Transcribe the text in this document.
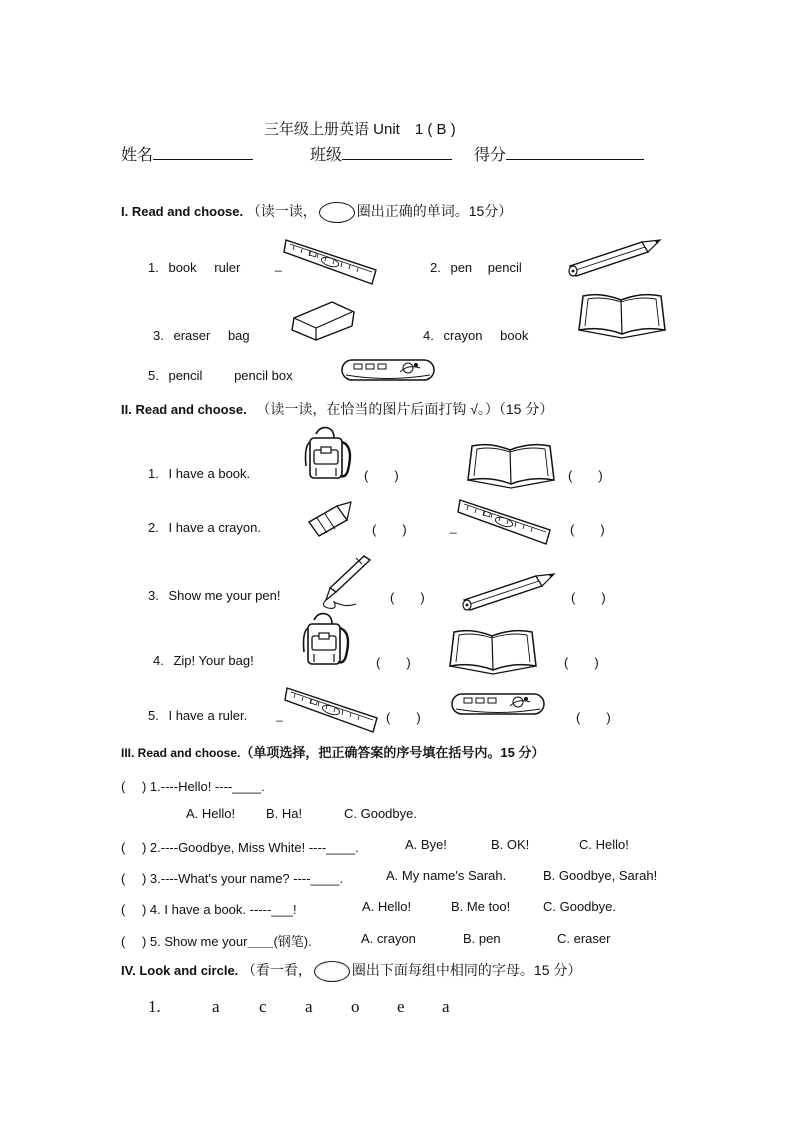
三年级上册英语 Unit　1 ( B )
姓名	班级	得分
I. Read and choose. （读一读，	圈出正确的单词。15分）
1. book ruler	_	2. pen pencil
3. eraser bag	4. crayon book
5. pencil pencil box
II. Read and choose. （读一读，在恰当的图片后面打钩 √。）（15 分）
1. I have a book.	(　　)	(　　)
2. I have a crayon.	(　　)	_	(　　)
3. Show me your pen!	(　　)	(　　)
4. Zip! Your bag!	(　　)	(　　)
5. I have a ruler. _	(　　)	(　　)
III. Read and choose.（单项选择，把正确答案的序号填在括号内。15 分）
(　 ) 1.----Hello! ----____.
A. Hello! B. Ha!	C. Goodbye.
(　 ) 2.----Goodbye, Miss White! ----____.	A. Bye!	B. OK!	C. Hello!
(　 ) 3.----What's your name? ----____.	A. My name's Sarah.	B. Goodbye, Sarah!
(　 ) 4. I have a book. -----___!	A. Hello!	B. Me too!	C. Goodbye.
(　 ) 5. Show me your＿＿(钢笔).	A. crayon	B. pen	C. eraser
IV. Look and circle. （看一看，	圈出下面每组中相同的字母。15 分）
1.	a c a o e a
